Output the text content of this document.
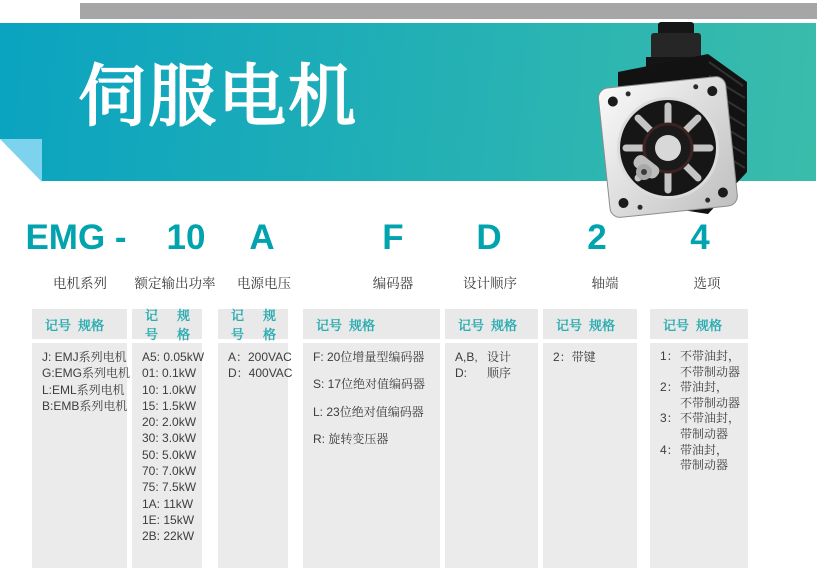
伺服电机
EMG -	10	A	F	D	2	4
电机系列	额定输出功率	电源电压	编码器	设计顺序	轴端	选项
记号 规格
J: EMJ系列电机
G:EMG系列电机
L:EML系列电机
B:EMB系列电机
记号
规格
A5: 0.05kW
01: 0.1kW
10: 1.0kW
15: 1.5kW
20: 2.0kW
30: 3.0kW
50: 5.0kW
70: 7.0kW
75: 7.5kW
1A: 11kW
1E: 15kW
2B: 22kW
记号
规格
A：200VAC
D：400VAC
记号 规格
F: 20位增量型编码器
S: 17位绝对值编码器
L: 23位绝对值编码器
R: 旋转变压器
记号 规格
A,B, 设计
D:	顺序
记号 规格
2：带键
记号 规格
1： 不带油封，
不带制动器
2： 带油封，
不带制动器
3： 不带油封，
带制动器
4： 带油封，
带制动器
